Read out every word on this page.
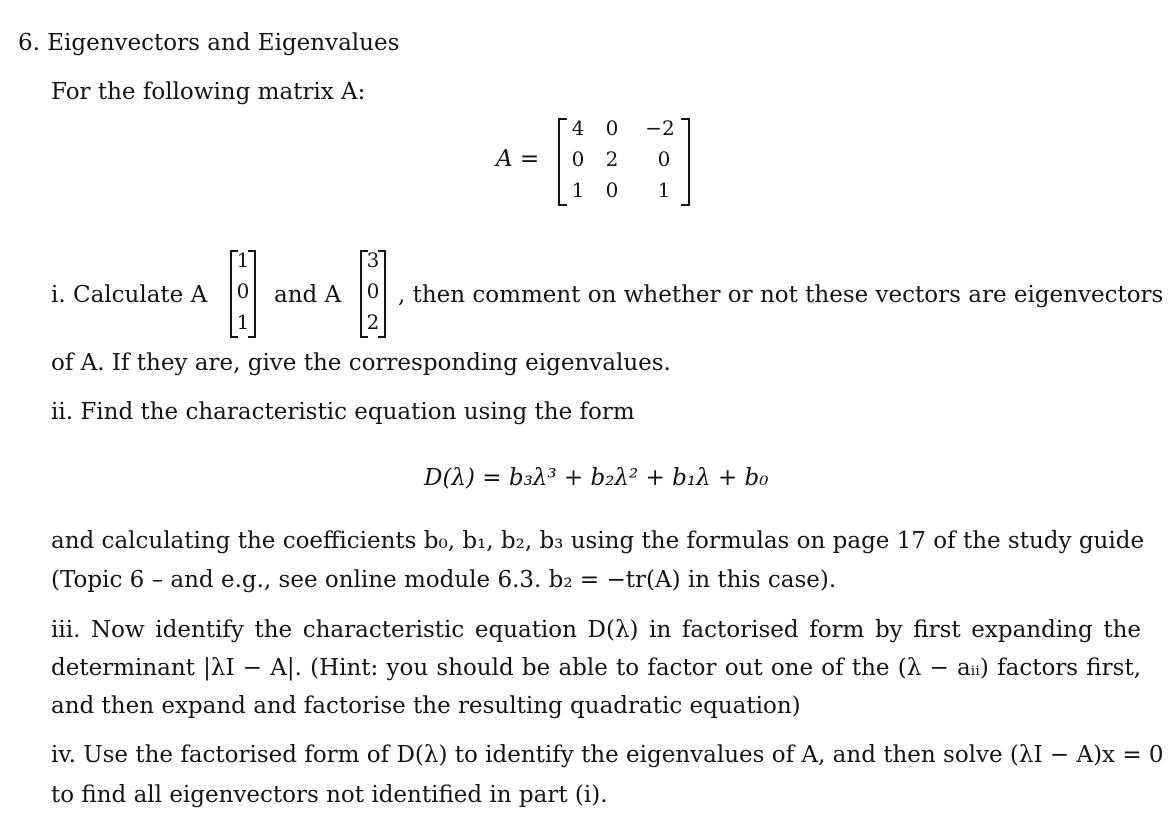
6. Eigenvectors and Eigenvalues
For the following matrix A:
A =
4 0	−2
0 2	0
1 0	1
i. Calculate A
1
0
1
and A
3
0
2
, then comment on whether or not these vectors are eigenvectors
of A. If they are, give the corresponding eigenvalues.
ii. Find the characteristic equation using the form
D(λ) = b₃λ³ + b₂λ² + b₁λ + b₀
and calculating the coefficients b₀, b₁, b₂, b₃ using the formulas on page 17 of the study guide
(Topic 6 – and e.g., see online module 6.3. b₂ = −tr(A) in this case).
iii. Now identify the characteristic equation D(λ) in factorised form by first expanding the
determinant |λI − A|. (Hint: you should be able to factor out one of the (λ − aᵢᵢ) factors first,
and then expand and factorise the resulting quadratic equation)
iv. Use the factorised form of D(λ) to identify the eigenvalues of A, and then solve (λI − A)x = 0
to find all eigenvectors not identified in part (i).
